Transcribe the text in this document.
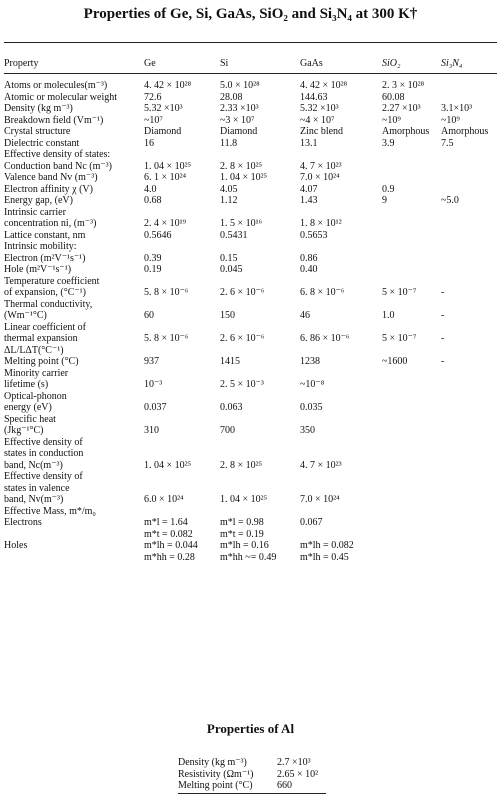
Properties of Ge, Si, GaAs, SiO₂ and Si₃N₄ at 300 K†
Property	Ge	Si	GaAs	SiO₂	Si₃N₄

Atoms or molecules(m⁻³)	4. 42 × 10²⁸	5.0 × 10²⁸	4. 42 × 10²⁸	2. 3 × 10²⁸	
Atomic or molecular weight	72.6	28.08	144.63	60.08	
Density (kg m⁻³)	5.32 ×10³	2.33 ×10³	5.32 ×10³	2.27 ×10³	3.1×10³
Breakdown field (Vm⁻¹)	~10⁷	~3 × 10⁷	~4 × 10⁷	~10⁹	~10⁹
Crystal structure	Diamond	Diamond	Zinc blend	Amorphous	Amorphous
Dielectric constant	16	11.8	13.1	3.9	7.5
Effective density of states:					
Conduction band Nc (m⁻³)	1. 04 × 10²⁵	2. 8 × 10²⁵	4. 7 × 10²³		
Valence band Nv (m⁻³)	6. 1 × 10²⁴	1. 04 × 10²⁵	7.0 × 10²⁴		
Electron affinity χ (V)	4.0	4.05	4.07	0.9	
Energy gap, (eV)	0.68	1.12	1.43	9	~5.0
Intrinsic carrier					
concentration ni, (m⁻³)	2. 4 × 10¹⁹	1. 5 × 10¹⁶	1. 8 × 10¹²		
Lattice constant, nm	0.5646	0.5431	0.5653		
Intrinsic mobility:					
Electron (m²V⁻¹s⁻¹)	0.39	0.15	0.86		
Hole (m²V⁻¹s⁻¹)	0.19	0.045	0.40		
Temperature coefficient					
of expansion, (°C⁻¹)	5. 8 × 10⁻⁶	2. 6 × 10⁻⁶	6. 8 × 10⁻⁶	5 × 10⁻⁷	-
Thermal conductivity,					
(Wm⁻¹°C)	60	150	46	1.0	-
Linear coefficient of					
thermal expansion	5. 8 × 10⁻⁶	2. 6 × 10⁻⁶	6. 86 × 10⁻⁶	5 × 10⁻⁷	-
ΔL/LΔT(°C⁻¹)					
Melting point (°C)	937	1415	1238	~1600	-
Minority carrier					
lifetime (s)	10⁻³	2. 5 × 10⁻³	~10⁻⁸		
Optical-phonon					
energy (eV)	0.037	0.063	0.035		
Specific heat					
(Jkg⁻¹°C)	310	700	350		
Effective density of					
states in conduction					
band, Nc(m⁻³)	1. 04 × 10²⁵	2. 8 × 10²⁵	4. 7 × 10²³		
Effective density of					
states in valence					
band, Nv(m⁻³)	6.0 × 10²⁴	1. 04 × 10²⁵	7.0 × 10²⁴		
Effective Mass, m*/m₀					
Electrons	m*l = 1.64	m*l = 0.98	0.067		
	m*t = 0.082	m*t = 0.19			
Holes	m*lh = 0.044	m*lh = 0.16	m*lh = 0.082		
	m*hh = 0.28	m*hh ~= 0.49	m*lh = 0.45		
Properties of Al
Density (kg m⁻³)	2.7 ×10³
Resistivity (Ωm⁻¹)	2.65 × 10²
Melting point (°C)	660
